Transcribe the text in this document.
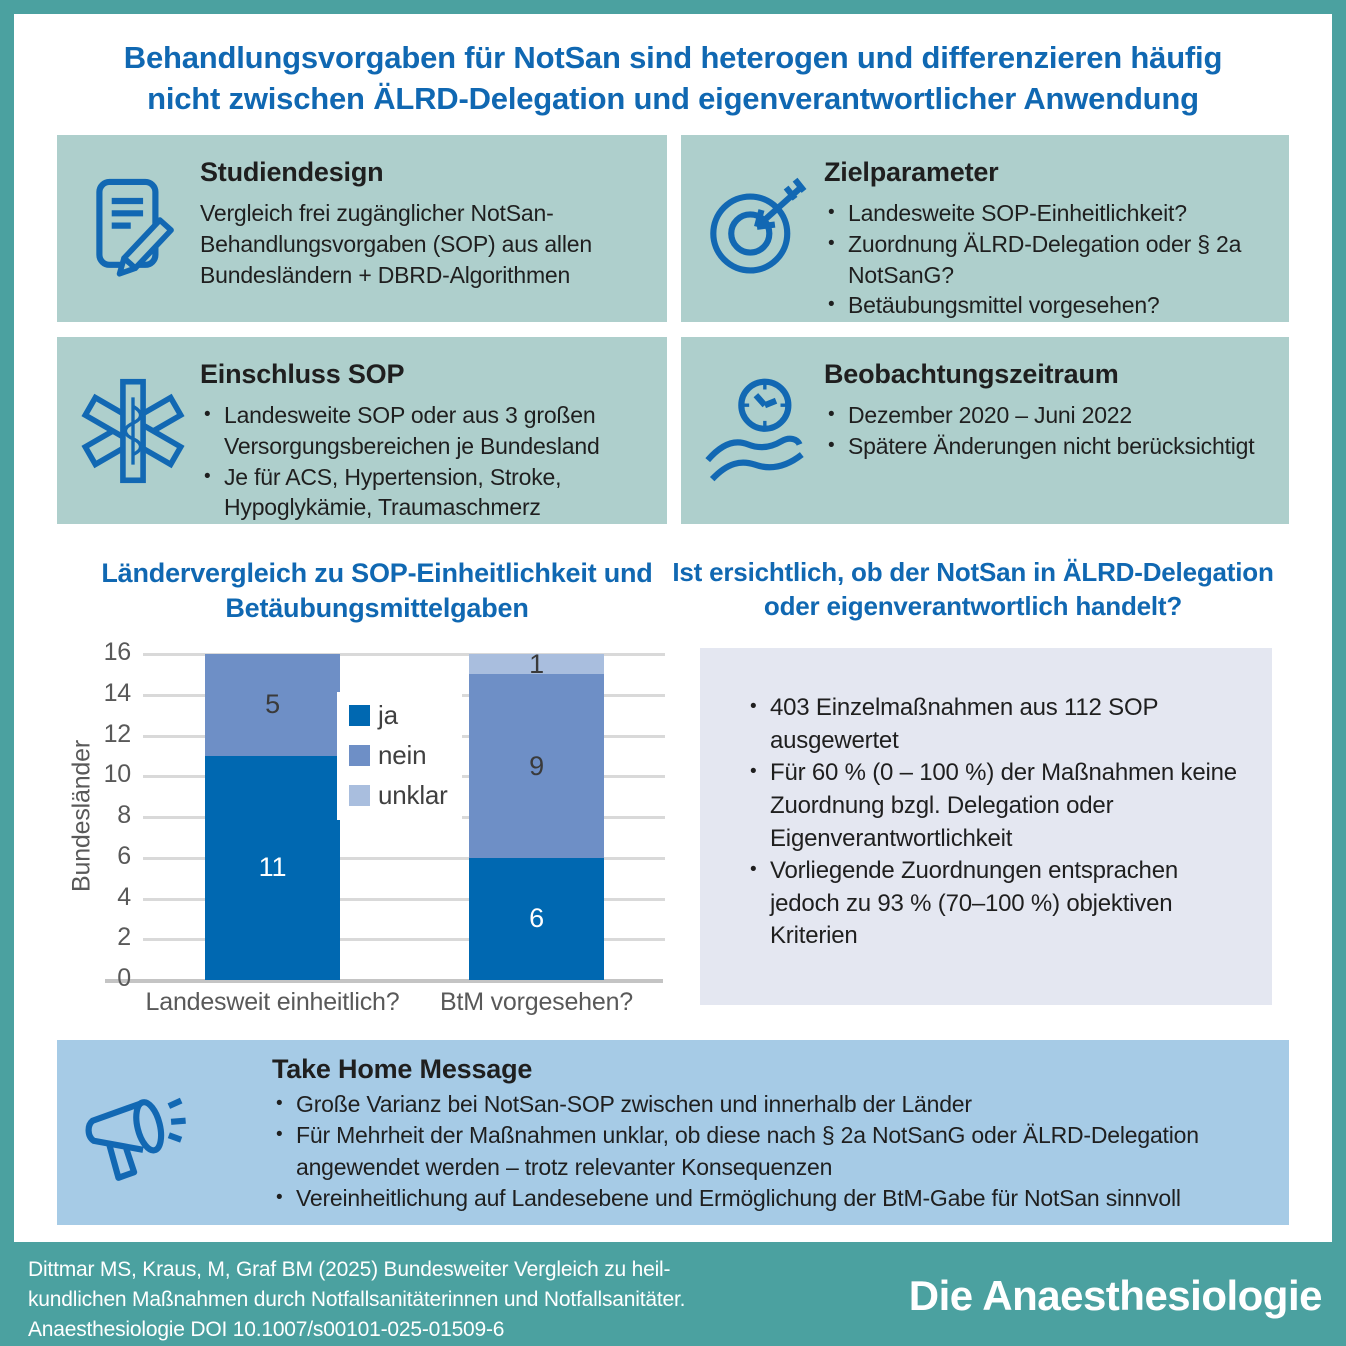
Behandlungsvorgaben für NotSan sind heterogen und differenzieren häufig
nicht zwischen ÄLRD-Delegation und eigenverantwortlicher Anwendung
Studiendesign

Vergleich frei zugänglicher NotSan-Behandlungsvorgaben (SOP) aus allen Bundesländern + DBRD-Algorithmen

Zielparameter
• Landesweite SOP-Einheitlichkeit?
• Zuordnung ÄLRD-Delegation oder § 2a NotSanG?
• Betäubungsmittel vorgesehen?
Einschluss SOP
• Landesweite SOP oder aus 3 großen Versorgungsbereichen je Bundesland
• Je für ACS, Hypertension, Stroke, Hypoglykämie, Traumaschmerz
Beobachtungszeitraum
• Dezember 2020 – Juni 2022
• Spätere Änderungen nicht berücksichtigt
Ländervergleich zu SOP-Einheitlichkeit und Betäubungsmittelgaben
Bundesländer
0
2
4
6
8
10
12
14
16
11
5
Landesweit einheitlich?
6
9
1
BtM vorgesehen?
ja
nein
unklar
Ist ersichtlich, ob der NotSan in ÄLRD-Delegation oder eigenverantwortlich handelt?
• 403 Einzelmaßnahmen aus 112 SOP ausgewertet
• Für 60 % (0 – 100 %) der Maßnahmen keine Zuordnung bzgl. Delegation oder Eigenverantwortlichkeit
• Vorliegende Zuordnungen entsprachen jedoch zu 93 % (70–100 %) objektiven Kriterien
Take Home Message
• Große Varianz bei NotSan-SOP zwischen und innerhalb der Länder
• Für Mehrheit der Maßnahmen unklar, ob diese nach § 2a NotSanG oder ÄLRD-Delegation angewendet werden – trotz relevanter Konsequenzen
• Vereinheitlichung auf Landesebene und Ermöglichung der BtM-Gabe für NotSan sinnvoll
Dittmar MS, Kraus, M, Graf BM (2025) Bundesweiter Vergleich zu heil-
kundlichen Maßnahmen durch Notfallsanitäterinnen und Notfallsanitäter.
Anaesthesiologie DOI 10.1007/s00101-025-01509-6
Die Anaesthesiologie
